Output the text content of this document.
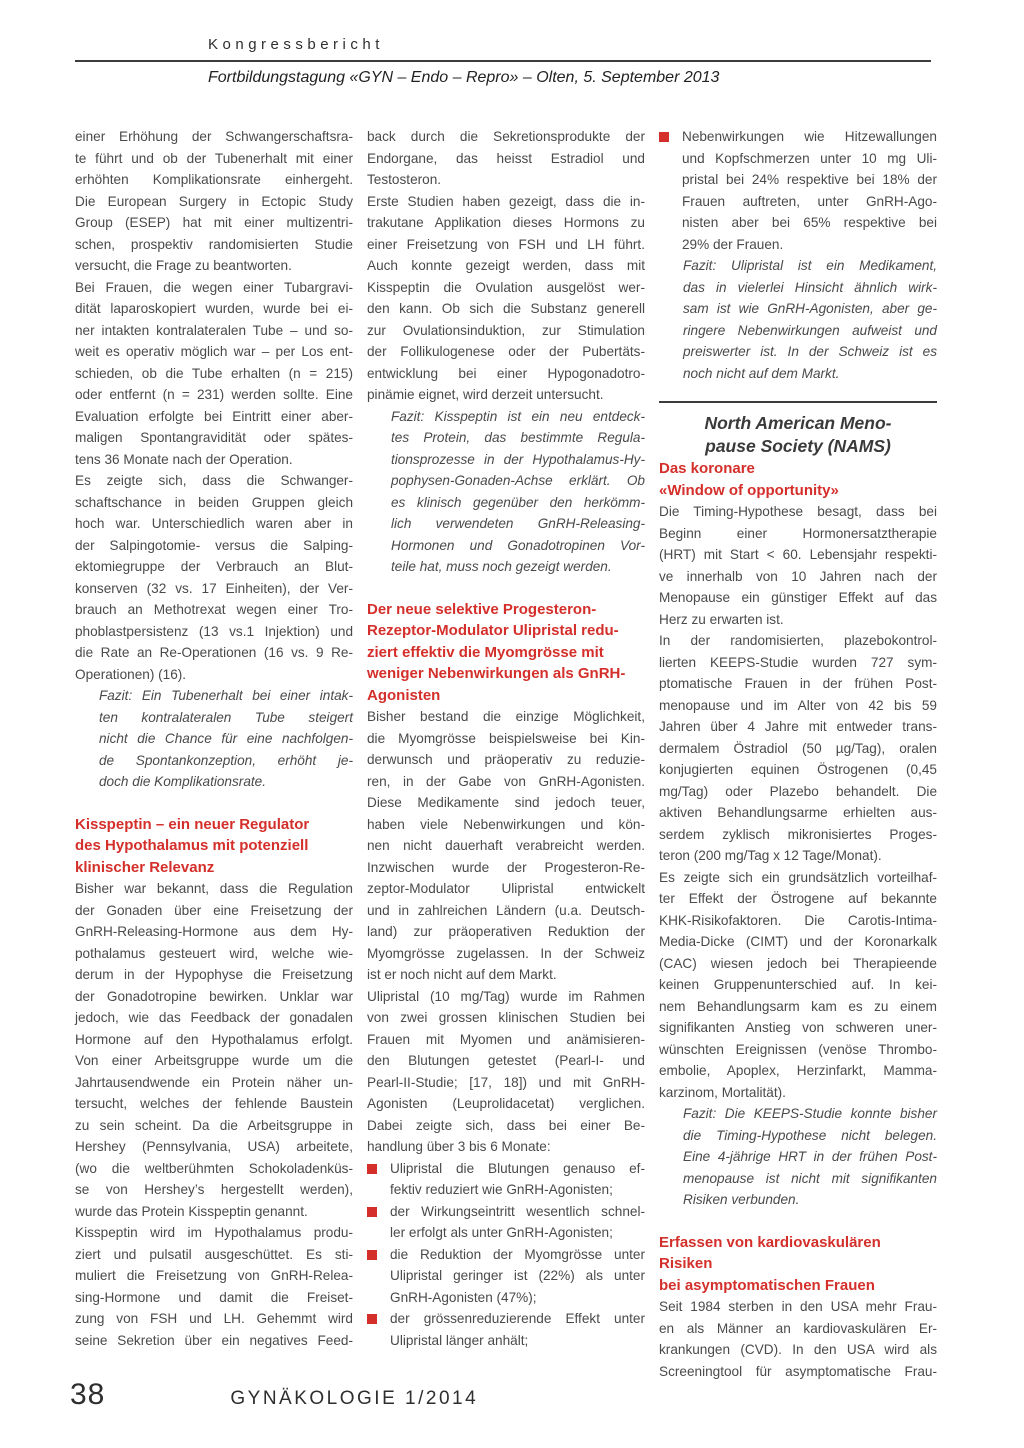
Kongressbericht
Fortbildungstagung «GYN – Endo – Repro» – Olten, 5. September 2013
einer Erhöhung der Schwangerschaftsra-
te führt und ob der Tubenerhalt mit einer
erhöhten Komplikationsrate einhergeht.
Die European Surgery in Ectopic Study
Group (ESEP) hat mit einer multizentri-
schen, prospektiv randomisierten Studie
versucht, die Frage zu beantworten.
Bei Frauen, die wegen einer Tubargravi-
dität laparoskopiert wurden, wurde bei ei-
ner intakten kontralateralen Tube – und so-
weit es operativ möglich war – per Los ent-
schieden, ob die Tube erhalten (n = 215)
oder entfernt (n = 231) werden sollte. Eine
Evaluation erfolgte bei Eintritt einer aber-
maligen Spontangravidität oder spätes-
tens 36 Monate nach der Operation.
Es zeigte sich, dass die Schwanger-
schaftschance in beiden Gruppen gleich
hoch war. Unterschiedlich waren aber in
der Salpingotomie- versus die Salping-
ektomiegruppe der Verbrauch an Blut-
konserven (32 vs. 17 Einheiten), der Ver-
brauch an Methotrexat wegen einer Tro-
phoblastpersistenz (13 vs.1 Injektion) und
die Rate an Re-Operationen (16 vs. 9 Re-
Operationen) (16).
Fazit: Ein Tubenerhalt bei einer intak-
ten kontralateralen Tube steigert
nicht die Chance für eine nachfolgen-
de Spontankonzeption, erhöht je-
doch die Komplikationsrate.
Kisspeptin – ein neuer Regulator
des Hypothalamus mit potenziell
klinischer Relevanz
Bisher war bekannt, dass die Regulation
der Gonaden über eine Freisetzung der
GnRH-Releasing-Hormone aus dem Hy-
pothalamus gesteuert wird, welche wie-
derum in der Hypophyse die Freisetzung
der Gonadotropine bewirken. Unklar war
jedoch, wie das Feedback der gonadalen
Hormone auf den Hypothalamus erfolgt.
Von einer Arbeitsgruppe wurde um die
Jahrtausendwende ein Protein näher un-
tersucht, welches der fehlende Baustein
zu sein scheint. Da die Arbeitsgruppe in
Hershey (Pennsylvania, USA) arbeitete,
(wo die weltberühmten Schokoladenküs-
se von Hershey’s hergestellt werden),
wurde das Protein Kisspeptin genannt.
Kisspeptin wird im Hypothalamus produ-
ziert und pulsatil ausgeschüttet. Es sti-
muliert die Freisetzung von GnRH-Relea-
sing-Hormone und damit die Freiset-
zung von FSH und LH. Gehemmt wird
seine Sekretion über ein negatives Feed-
back durch die Sekretionsprodukte der
Endorgane, das heisst Estradiol und
Testosteron.
Erste Studien haben gezeigt, dass die in-
trakutane Applikation dieses Hormons zu
einer Freisetzung von FSH und LH führt.
Auch konnte gezeigt werden, dass mit
Kisspeptin die Ovulation ausgelöst wer-
den kann. Ob sich die Substanz generell
zur Ovulationsinduktion, zur Stimulation
der Follikulogenese oder der Pubertäts-
entwicklung bei einer Hypogonadotro-
pinämie eignet, wird derzeit untersucht.
Fazit: Kisspeptin ist ein neu entdeck-
tes Protein, das bestimmte Regula-
tionsprozesse in der Hypothalamus-Hy-
pophysen-Gonaden-Achse erklärt. Ob
es klinisch gegenüber den herkömm-
lich verwendeten GnRH-Releasing-
Hormonen und Gonadotropinen Vor-
teile hat, muss noch gezeigt werden.
Der neue selektive Progesteron-
Rezeptor-Modulator Ulipristal redu-
ziert effektiv die Myomgrösse mit
weniger Nebenwirkungen als GnRH-
Agonisten
Bisher bestand die einzige Möglichkeit,
die Myomgrösse beispielsweise bei Kin-
derwunsch und präoperativ zu reduzie-
ren, in der Gabe von GnRH-Agonisten.
Diese Medikamente sind jedoch teuer,
haben viele Nebenwirkungen und kön-
nen nicht dauerhaft verabreicht werden.
Inzwischen wurde der Progesteron-Re-
zeptor-Modulator Ulipristal entwickelt
und in zahlreichen Ländern (u.a. Deutsch-
land) zur präoperativen Reduktion der
Myomgrösse zugelassen. In der Schweiz
ist er noch nicht auf dem Markt.
Ulipristal (10 mg/Tag) wurde im Rahmen
von zwei grossen klinischen Studien bei
Frauen mit Myomen und anämisieren-
den Blutungen getestet (Pearl-I- und
Pearl-II-Studie; [17, 18]) und mit GnRH-
Agonisten (Leuprolidacetat) verglichen.
Dabei zeigte sich, dass bei einer Be-
handlung über 3 bis 6 Monate:
Ulipristal die Blutungen genauso ef-
fektiv reduziert wie GnRH-Agonisten;
der Wirkungseintritt wesentlich schnel-
ler erfolgt als unter GnRH-Agonisten;
die Reduktion der Myomgrösse unter
Ulipristal geringer ist (22%) als unter
GnRH-Agonisten (47%);
der grössenreduzierende Effekt unter
Ulipristal länger anhält;
Nebenwirkungen wie Hitzewallungen
und Kopfschmerzen unter 10 mg Uli-
pristal bei 24% respektive bei 18% der
Frauen auftreten, unter GnRH-Ago-
nisten aber bei 65% respektive bei
29% der Frauen.
Fazit: Ulipristal ist ein Medikament,
das in vielerlei Hinsicht ähnlich wirk-
sam ist wie GnRH-Agonisten, aber ge-
ringere Nebenwirkungen aufweist und
preiswerter ist. In der Schweiz ist es
noch nicht auf dem Markt.
North American Meno-
pause Society (NAMS)
Das koronare
«Window of opportunity»
Die Timing-Hypothese besagt, dass bei
Beginn einer Hormonersatztherapie
(HRT) mit Start < 60. Lebensjahr respekti-
ve innerhalb von 10 Jahren nach der
Menopause ein günstiger Effekt auf das
Herz zu erwarten ist.
In der randomisierten, plazebokontrol-
lierten KEEPS-Studie wurden 727 sym-
ptomatische Frauen in der frühen Post-
menopause und im Alter von 42 bis 59
Jahren über 4 Jahre mit entweder trans-
dermalem Östradiol (50 µg/Tag), oralen
konjugierten equinen Östrogenen (0,45
mg/Tag) oder Plazebo behandelt. Die
aktiven Behandlungsarme erhielten aus-
serdem zyklisch mikronisiertes Proges-
teron (200 mg/Tag x 12 Tage/Monat).
Es zeigte sich ein grundsätzlich vorteilhaf-
ter Effekt der Östrogene auf bekannte
KHK-Risikofaktoren. Die Carotis-Intima-
Media-Dicke (CIMT) und der Koronarkalk
(CAC) wiesen jedoch bei Therapieende
keinen Gruppenunterschied auf. In kei-
nem Behandlungsarm kam es zu einem
signifikanten Anstieg von schweren uner-
wünschten Ereignissen (venöse Thrombo-
embolie, Apoplex, Herzinfarkt, Mamma-
karzinom, Mortalität).
Fazit: Die KEEPS-Studie konnte bisher
die Timing-Hypothese nicht belegen.
Eine 4-jährige HRT in der frühen Post-
menopause ist nicht mit signifikanten
Risiken verbunden.
Erfassen von kardiovaskulären Risiken
bei asymptomatischen Frauen
Seit 1984 sterben in den USA mehr Frau-
en als Männer an kardiovaskulären Er-
krankungen (CVD). In den USA wird als
Screeningtool für asymptomatische Frau-
38	GYNÄKOLOGIE 1/2014
